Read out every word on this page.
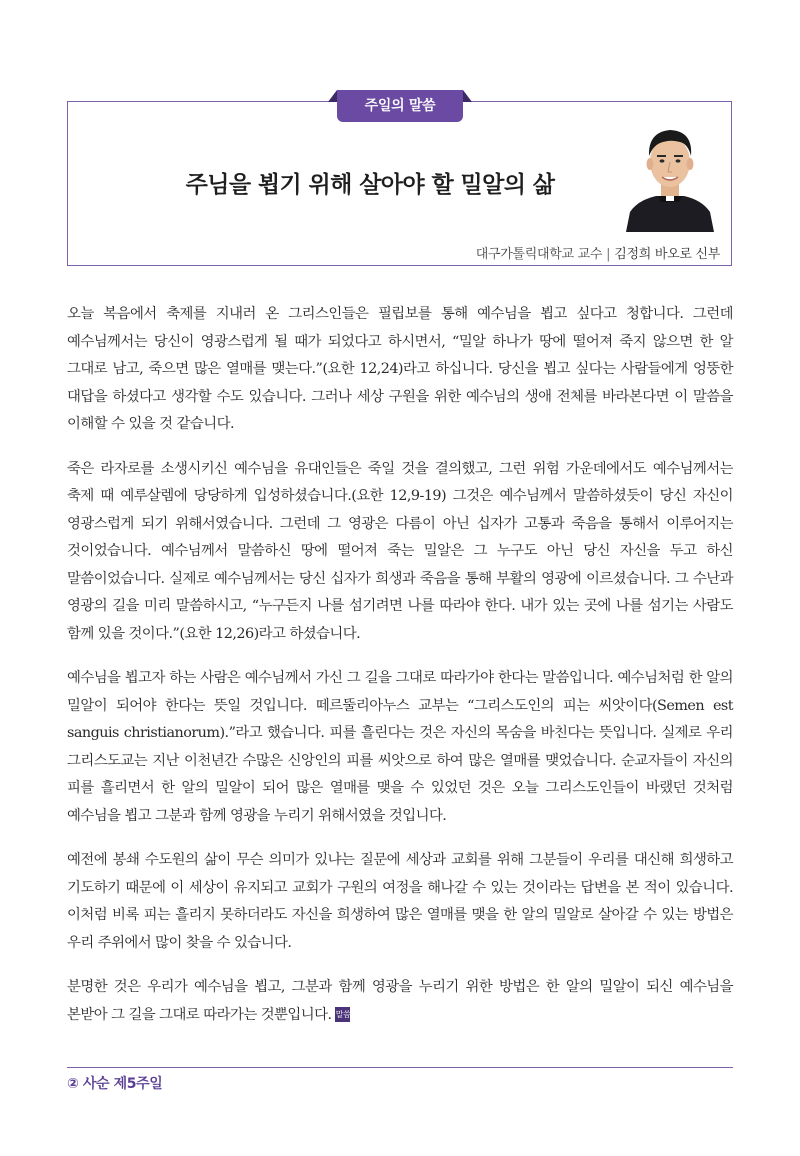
주일의 말씀
주님을 뵙기 위해 살아야 할 밀알의 삶
대구가톨릭대학교 교수 | 김정희 바오로 신부

오늘 복음에서 축제를 지내러 온 그리스인들은 필립보를 통해 예수님을 뵙고 싶다고 청합니다. 그런데 예수님께서는 당신이 영광스럽게 될 때가 되었다고 하시면서, “밀알 하나가 땅에 떨어져 죽지 않으면 한 알 그대로 남고, 죽으면 많은 열매를 맺는다.”(요한 12,24)라고 하십니다. 당신을 뵙고 싶다는 사람들에게 엉뚱한 대답을 하셨다고 생각할 수도 있습니다. 그러나 세상 구원을 위한 예수님의 생애 전체를 바라본다면 이 말씀을 이해할 수 있을 것 같습니다.

죽은 라자로를 소생시키신 예수님을 유대인들은 죽일 것을 결의했고, 그런 위험 가운데에서도 예수님께서는 축제 때 예루살렘에 당당하게 입성하셨습니다.(요한 12,9-19) 그것은 예수님께서 말씀하셨듯이 당신 자신이 영광스럽게 되기 위해서였습니다. 그런데 그 영광은 다름이 아닌 십자가 고통과 죽음을 통해서 이루어지는 것이었습니다. 예수님께서 말씀하신 땅에 떨어져 죽는 밀알은 그 누구도 아닌 당신 자신을 두고 하신 말씀이었습니다. 실제로 예수님께서는 당신 십자가 희생과 죽음을 통해 부활의 영광에 이르셨습니다. 그 수난과 영광의 길을 미리 말씀하시고, “누구든지 나를 섬기려면 나를 따라야 한다. 내가 있는 곳에 나를 섬기는 사람도 함께 있을 것이다.”(요한 12,26)라고 하셨습니다.

예수님을 뵙고자 하는 사람은 예수님께서 가신 그 길을 그대로 따라가야 한다는 말씀입니다. 예수님처럼 한 알의 밀알이 되어야 한다는 뜻일 것입니다. 떼르뚤리아누스 교부는 “그리스도인의 피는 씨앗이다(Semen est sanguis christianorum).”라고 했습니다. 피를 흘린다는 것은 자신의 목숨을 바친다는 뜻입니다. 실제로 우리 그리스도교는 지난 이천년간 수많은 신앙인의 피를 씨앗으로 하여 많은 열매를 맺었습니다. 순교자들이 자신의 피를 흘리면서 한 알의 밀알이 되어 많은 열매를 맺을 수 있었던 것은 오늘 그리스도인들이 바랬던 것처럼 예수님을 뵙고 그분과 함께 영광을 누리기 위해서였을 것입니다.

예전에 봉쇄 수도원의 삶이 무슨 의미가 있냐는 질문에 세상과 교회를 위해 그분들이 우리를 대신해 희생하고 기도하기 때문에 이 세상이 유지되고 교회가 구원의 여정을 해나갈 수 있는 것이라는 답변을 본 적이 있습니다. 이처럼 비록 피는 흘리지 못하더라도 자신을 희생하여 많은 열매를 맺을 한 알의 밀알로 살아갈 수 있는 방법은 우리 주위에서 많이 찾을 수 있습니다.

분명한 것은 우리가 예수님을 뵙고, 그분과 함께 영광을 누리기 위한 방법은 한 알의 밀알이 되신 예수님을 본받아 그 길을 그대로 따라가는 것뿐입니다. 말씀

② 사순 제5주일
